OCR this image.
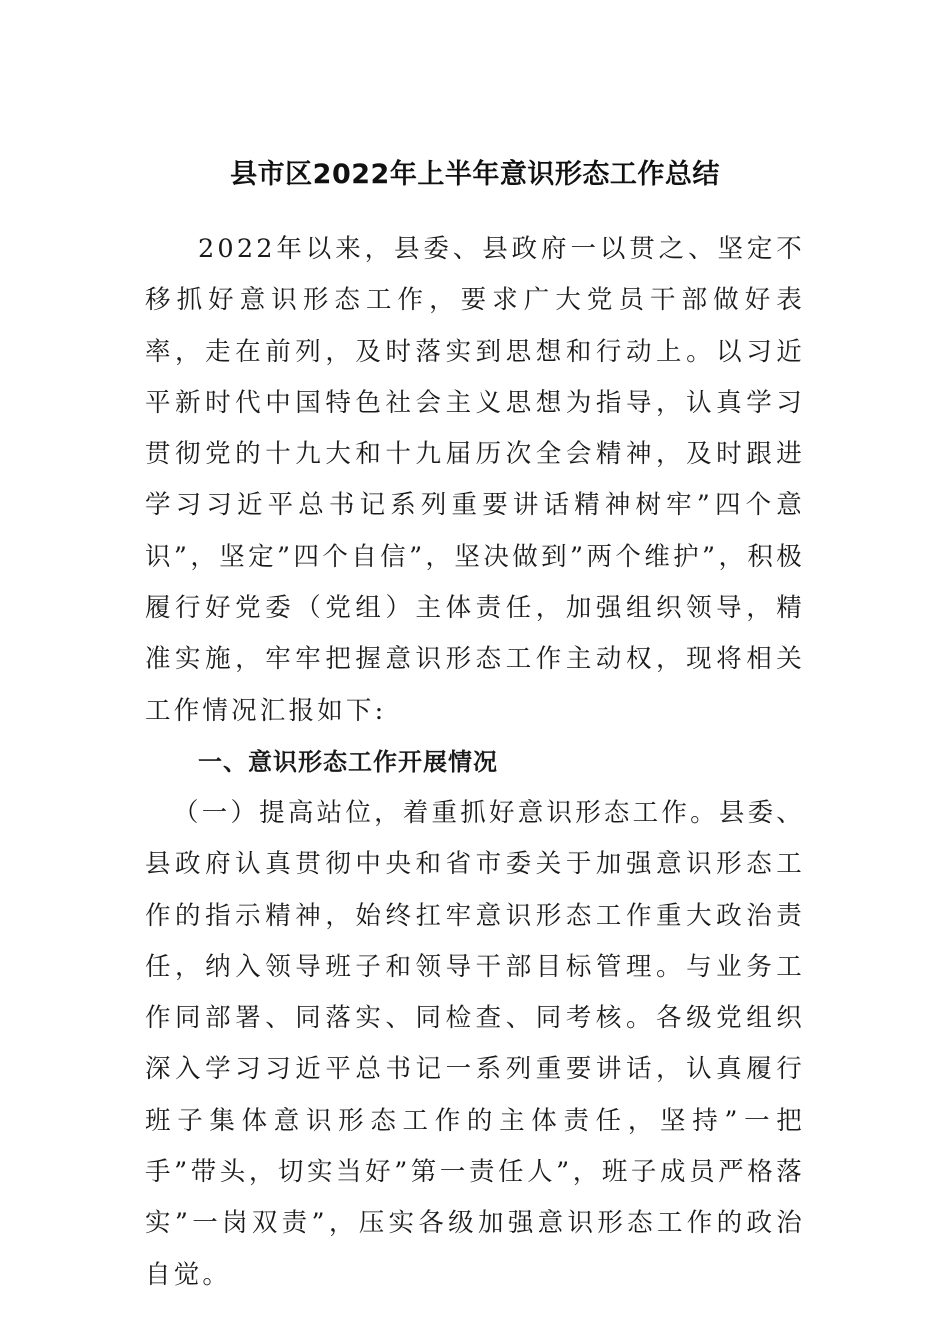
县市区2022年上半年意识形态工作总结

2022年以来，县委、县政府一以贯之、坚定不移抓好意识形态工作，要求广大党员干部做好表率，走在前列，及时落实到思想和行动上。以习近平新时代中国特色社会主义思想为指导，认真学习贯彻党的十九大和十九届历次全会精神，及时跟进学习习近平总书记系列重要讲话精神树牢”四个意识”，坚定”四个自信”，坚决做到”两个维护”，积极履行好党委（党组）主体责任，加强组织领导，精准实施，牢牢把握意识形态工作主动权，现将相关工作情况汇报如下:

一、意识形态工作开展情况

（一）提高站位，着重抓好意识形态工作。县委、县政府认真贯彻中央和省市委关于加强意识形态工作的指示精神，始终扛牢意识形态工作重大政治责任，纳入领导班子和领导干部目标管理。与业务工作同部署、同落实、同检查、同考核。各级党组织深入学习习近平总书记一系列重要讲话，认真履行班子集体意识形态工作的主体责任，坚持”一把手”带头，切实当好”第一责任人”，班子成员严格落实”一岗双责”，压实各级加强意识形态工作的政治自觉。
